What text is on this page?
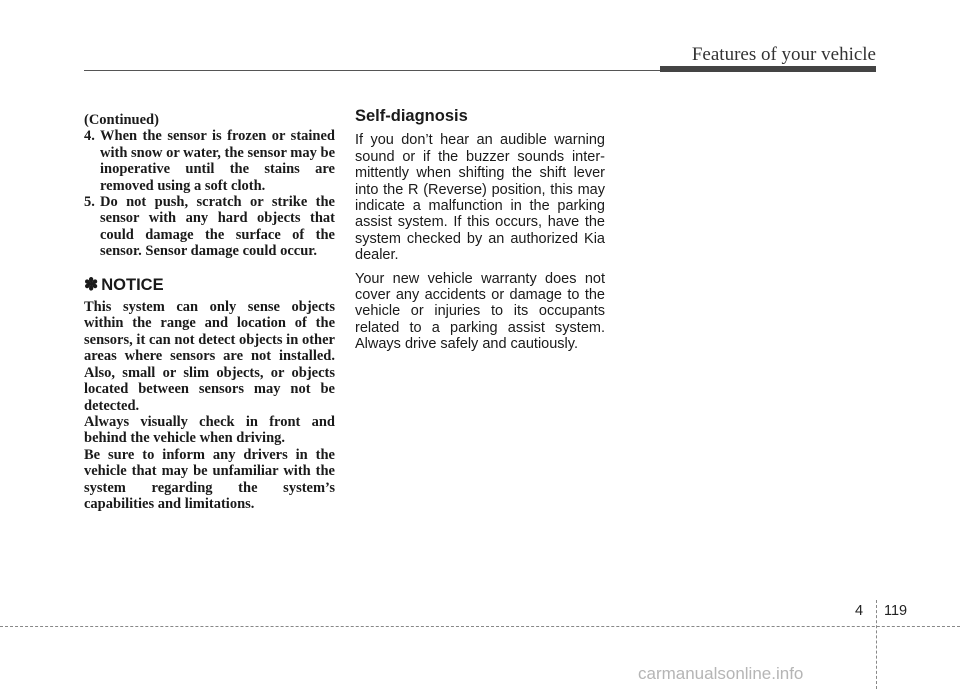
Features of your vehicle

(Continued)

4. When the sensor is frozen or stained with snow or water, the sensor may be inoperative until the stains are removed using a soft cloth.
5. Do not push, scratch or strike the sensor with any hard objects that could damage the surface of the sensor. Sensor damage could occur.
✽ NOTICE

This system can only sense objects within the range and location of the sensors, it can not detect objects in other areas where sensors are not installed. Also, small or slim objects, or objects located between sensors may not be detected.

Always visually check in front and behind the vehicle when driving.

Be sure to inform any drivers in the vehicle that may be unfamiliar with the system regarding the system’s capabilities and limitations.

Self-diagnosis

If you don’t hear an audible warning sound or if the buzzer sounds inter-mittently when shifting the shift lever into the R (Reverse) position, this may indicate a malfunction in the parking assist system. If this occurs, have the system checked by an authorized Kia dealer.

Your new vehicle warranty does not cover any accidents or damage to the vehicle or injuries to its occupants related to a parking assist system. Always drive safely and cautiously.

4 119
carmanualsonline.info
